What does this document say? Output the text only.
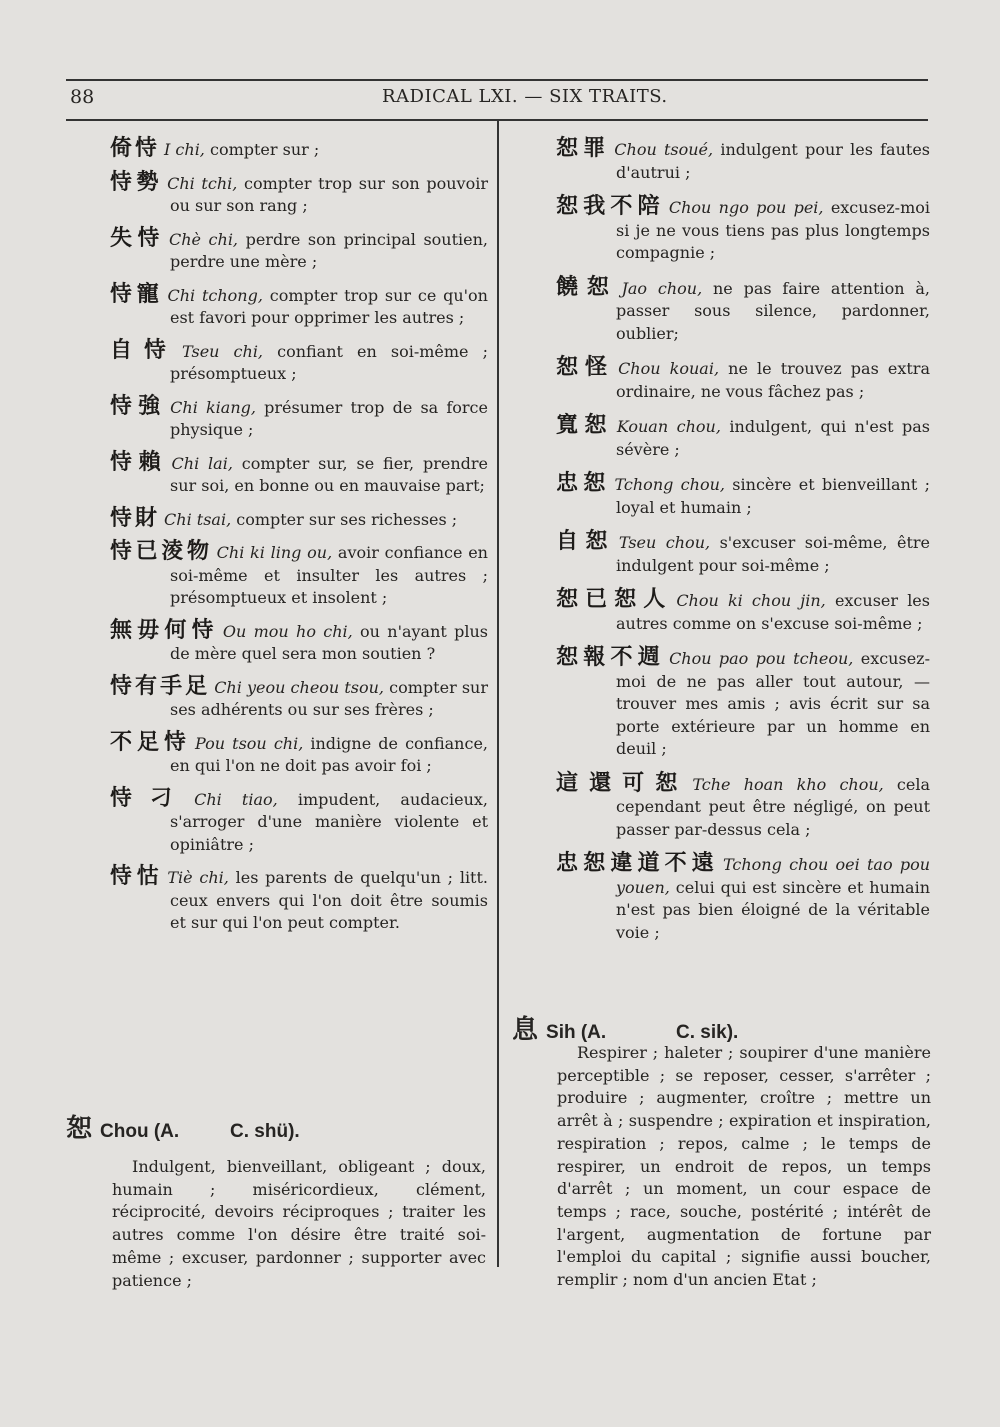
88	RADICAL LXI. — SIX TRAITS.
倚恃 I chi, compter sur ;
恃勢 Chi tchi, compter trop sur son pouvoir ou sur son rang ;
失恃 Chè chi, perdre son principal soutien, perdre une mère ;
恃寵 Chi tchong, compter trop sur ce qu'on est favori pour opprimer les autres ;
自恃 Tseu chi, confiant en soi-même ; présomptueux ;
恃強 Chi kiang, présumer trop de sa force physique ;
恃賴 Chi lai, compter sur, se fier, prendre sur soi, en bonne ou en mauvaise part;
恃財 Chi tsai, compter sur ses richesses ;
恃已淩物 Chi ki ling ou, avoir confiance en soi-même et insulter les autres ; présomptueux et insolent ;
無毋何恃 Ou mou ho chi, ou n'ayant plus de mère quel sera mon soutien ?
恃有手足 Chi yeou cheou tsou, compter sur ses adhérents ou sur ses frères ;
不足恃 Pou tsou chi, indigne de confiance, en qui l'on ne doit pas avoir foi ;
恃刁 Chi tiao, impudent, audacieux, s'arroger d'une manière violente et opiniâtre ;
恃怙 Tiè chi, les parents de quelqu'un ; litt. ceux envers qui l'on doit être soumis et sur qui l'on peut compter.
恕 Chou (A.	C. shü).
Indulgent, bienveillant, obligeant ; doux, humain ; miséricordieux, clément, réciprocité, devoirs réciproques ; traiter les autres comme l'on désire être traité soi-même ; excuser, pardonner ; supporter avec patience ;
恕罪 Chou tsoué, indulgent pour les fautes d'autrui ;
恕我不陪 Chou ngo pou pei, excusez-moi si je ne vous tiens pas plus longtemps compagnie ;
饒恕 Jao chou, ne pas faire attention à, passer sous silence, pardonner, oublier;
恕怪 Chou kouai, ne le trouvez pas extra ordinaire, ne vous fâchez pas ;
寬恕 Kouan chou, indulgent, qui n'est pas sévère ;
忠恕 Tchong chou, sincère et bienveillant ; loyal et humain ;
自恕 Tseu chou, s'excuser soi-même, être indulgent pour soi-même ;
恕已恕人 Chou ki chou jin, excuser les autres comme on s'excuse soi-même ;
恕報不週 Chou pao pou tcheou, excusez-moi de ne pas aller tout autour, — trouver mes amis ; avis écrit sur sa porte extérieure par un homme en deuil ;
這還可恕 Tche hoan kho chou, cela cependant peut être négligé, on peut passer par-dessus cela ;
忠恕違道不遠 Tchong chou oei tao pou youen, celui qui est sincère et humain n'est pas bien éloigné de la véritable voie ;
息 Sih (A.	C. sik).
Respirer ; haleter ; soupirer d'une manière perceptible ; se reposer, cesser, s'arrêter ; produire ; augmenter, croître ; mettre un arrêt à ; suspendre ; expiration et inspiration, respiration ; repos, calme ; le temps de respirer, un endroit de repos, un temps d'arrêt ; un moment, un cour espace de temps ; race, souche, postérité ; intérêt de l'argent, augmentation de fortune par l'emploi du capital ; signifie aussi boucher, remplir ; nom d'un ancien Etat ;
